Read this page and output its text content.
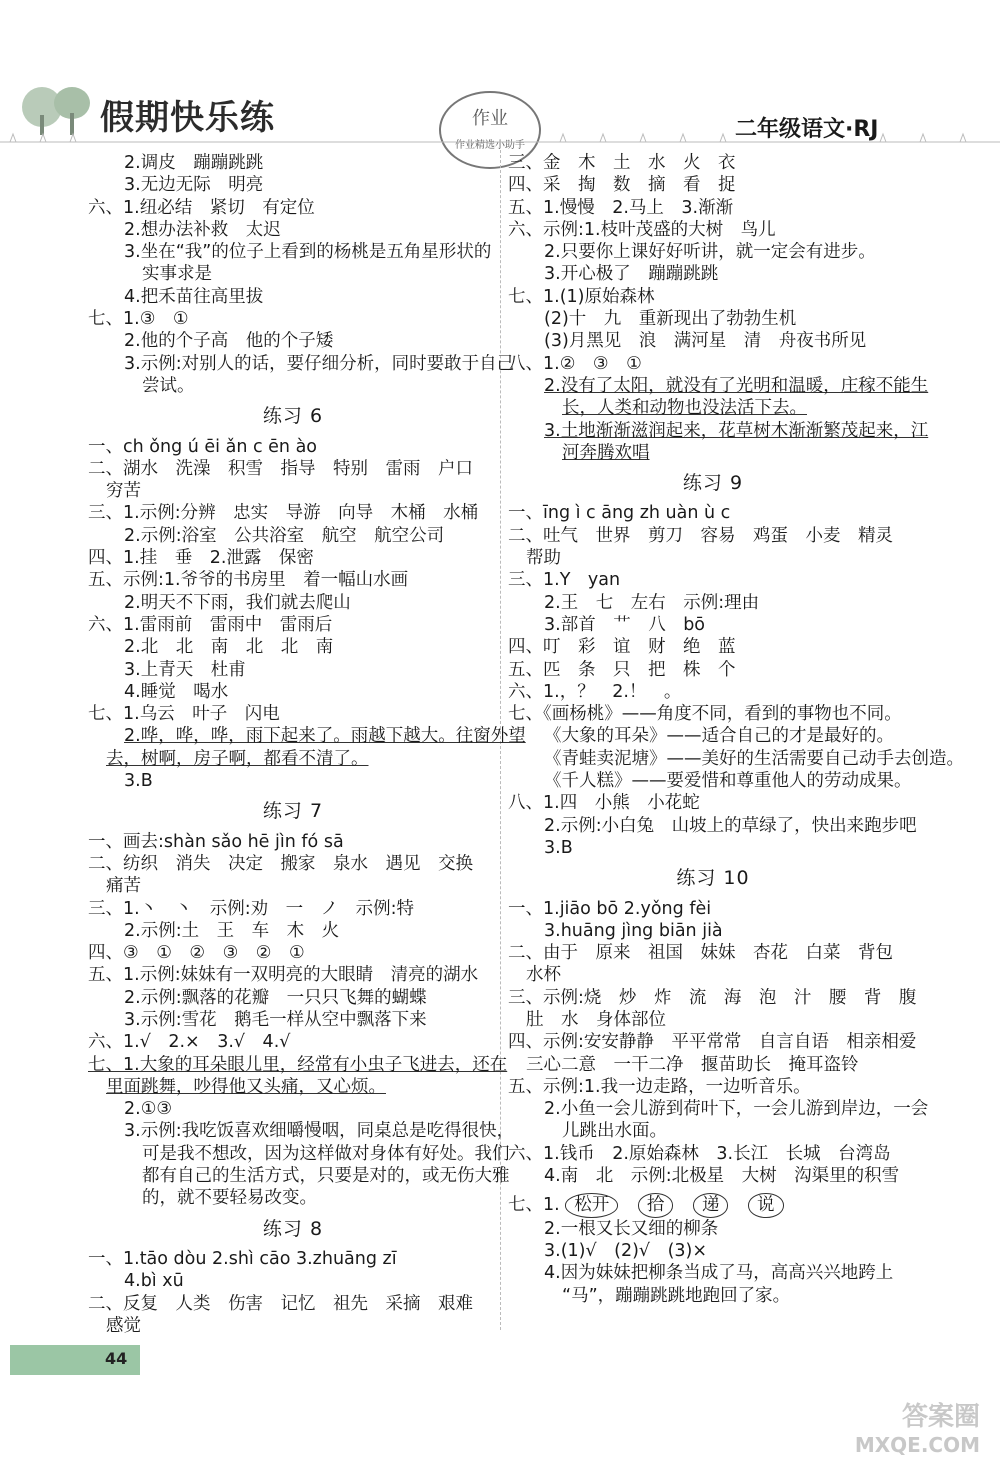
假期快乐练	作业
作业精选小助手
二年级语文·RJ
2.调皮　蹦蹦跳跳
3.无边无际　明亮
六、1.纽必结　紧切　有定位
2.想办法补救　太迟
3.坐在“我”的位子上看到的杨桃是五角星形状的
实事求是
4.把禾苗往高里拔
七、1.③　①
2.他的个子高　他的个子矮
3.示例:对别人的话，要仔细分析，同时要敢于自己
尝试。
练习 6
一、ch ǒng ú ēi ǎn c ēn ào
二、湖水　洗澡　积雪　指导　特别　雷雨　户口
穷苦
三、1.示例:分辨　忠实　导游　向导　木桶　水桶
2.示例:浴室　公共浴室　航空　航空公司
四、1.挂　垂　2.泄露　保密
五、示例:1.爷爷的书房里　着一幅山水画
2.明天不下雨，我们就去爬山
六、1.雷雨前　雷雨中　雷雨后
2.北　北　南　北　北　南
3.上青天　杜甫
4.睡觉　喝水
七、1.乌云　叶子　闪电
2.哗，哗，哗，雨下起来了。雨越下越大。往窗外望
去，树啊，房子啊，都看不清了。
3.B
练习 7
一、画去:shàn sǎo hē jìn fó sā
二、纺织　消失　决定　搬家　泉水　遇见　交换
痛苦
三、1.丶　丶　示例:劝　一　ノ　示例:特
2.示例:土　王　车　木　火
四、③　①　②　③　②　①
五、1.示例:妹妹有一双明亮的大眼睛　清亮的湖水
2.示例:飘落的花瓣　一只只飞舞的蝴蝶
3.示例:雪花　鹅毛一样从空中飘落下来
六、1.√　2.×　3.√　4.√
七、1.大象的耳朵眼儿里，经常有小虫子飞进去，还在
里面跳舞，吵得他又头痛，又心烦。
2.①③
3.示例:我吃饭喜欢细嚼慢咽，同桌总是吃得很快，
可是我不想改，因为这样做对身体有好处。我们
都有自己的生活方式，只要是对的，或无伤大雅
的，就不要轻易改变。
练习 8
一、1.tāo dòu 2.shì cāo 3.zhuāng zī
4.bì xū
二、反复　人类　伤害　记忆　祖先　采摘　艰难
感觉
三、金　木　土　水　火　衣
四、采　掏　数　摘　看　捉
五、1.慢慢　2.马上　3.渐渐
六、示例:1.枝叶茂盛的大树　鸟儿
2.只要你上课好好听讲，就一定会有进步。
3.开心极了　蹦蹦跳跳
七、1.(1)原始森林
(2)十　九　重新现出了勃勃生机
(3)月黑见　浪　满河星　清　舟夜书所见
八、1.②　③　①
2.没有了太阳，就没有了光明和温暖，庄稼不能生
长，人类和动物也没法活下去。
3.土地渐渐滋润起来，花草树木渐渐繁茂起来，江
河奔腾欢唱
练习 9
一、īng ì c āng zh uàn ù c
二、吐气　世界　剪刀　容易　鸡蛋　小麦　精灵
帮助
三、1.Y　yan
2.王　七　左右　示例:理由
3.部首　艹　八　bō
四、叮　彩　谊　财　绝　蓝
五、匹　条　只　把　株　个
六、1.，？　2.！　。
七、《画杨桃》——角度不同，看到的事物也不同。
《大象的耳朵》——适合自己的才是最好的。
《青蛙卖泥塘》——美好的生活需要自己动手去创造。
《千人糕》——要爱惜和尊重他人的劳动成果。
八、1.四　小熊　小花蛇
2.示例:小白兔　山坡上的草绿了，快出来跑步吧
3.B
练习 10
一、1.jiāo bō 2.yǒng fèi
3.huāng jìng biān jià
二、由于　原来　祖国　妹妹　杏花　白菜　背包
水杯
三、示例:烧　炒　炸　流　海　泡　汁　腰　背　腹
肚　水　身体部位
四、示例:安安静静　平平常常　自言自语　相亲相爱
三心二意　一干二净　揠苗助长　掩耳盗铃
五、示例:1.我一边走路，一边听音乐。
2.小鱼一会儿游到荷叶下，一会儿游到岸边，一会
儿跳出水面。
六、1.钱币　2.原始森林　3.长江　长城　台湾岛
4.南　北　示例:北极星　大树　沟渠里的积雪
七、1. 松开 拾 递 说
2.一根又长又细的柳条
3.(1)√　(2)√　(3)×
4.因为妹妹把柳条当成了马，高高兴兴地跨上
“马”，蹦蹦跳跳地跑回了家。
44
答案圈
MXQE.COM
